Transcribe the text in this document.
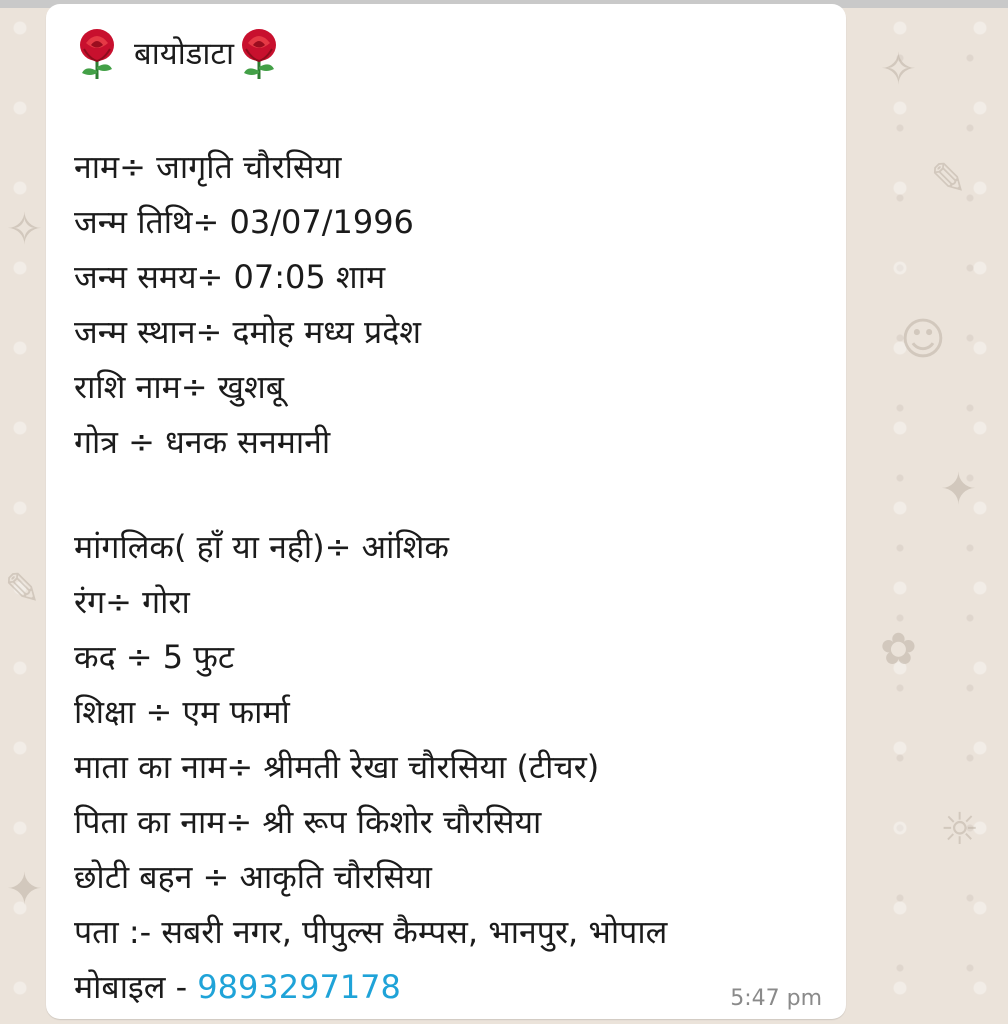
✧
✎
☺
✦
✿
☼
✧
✎
✦
बायोडाटा
नाम÷ जागृति चौरसिया
जन्म तिथि÷ 03/07/1996
जन्म समय÷ 07:05 शाम
जन्म स्थान÷ दमोह मध्य प्रदेश
राशि नाम÷ खुशबू
गोत्र ÷ धनक सनमानी
मांगलिक( हाँ या नही)÷ आंशिक
रंग÷ गोरा
कद ÷ 5 फुट
शिक्षा ÷ एम फार्मा
माता का नाम÷ श्रीमती रेखा चौरसिया (टीचर)
पिता का नाम÷ श्री रूप किशोर चौरसिया
छोटी बहन ÷ आकृति चौरसिया
पता :- सबरी नगर, पीपुल्स कैम्पस, भानपुर, भोपाल
मोबाइल - 9893297178	5:47 pm
